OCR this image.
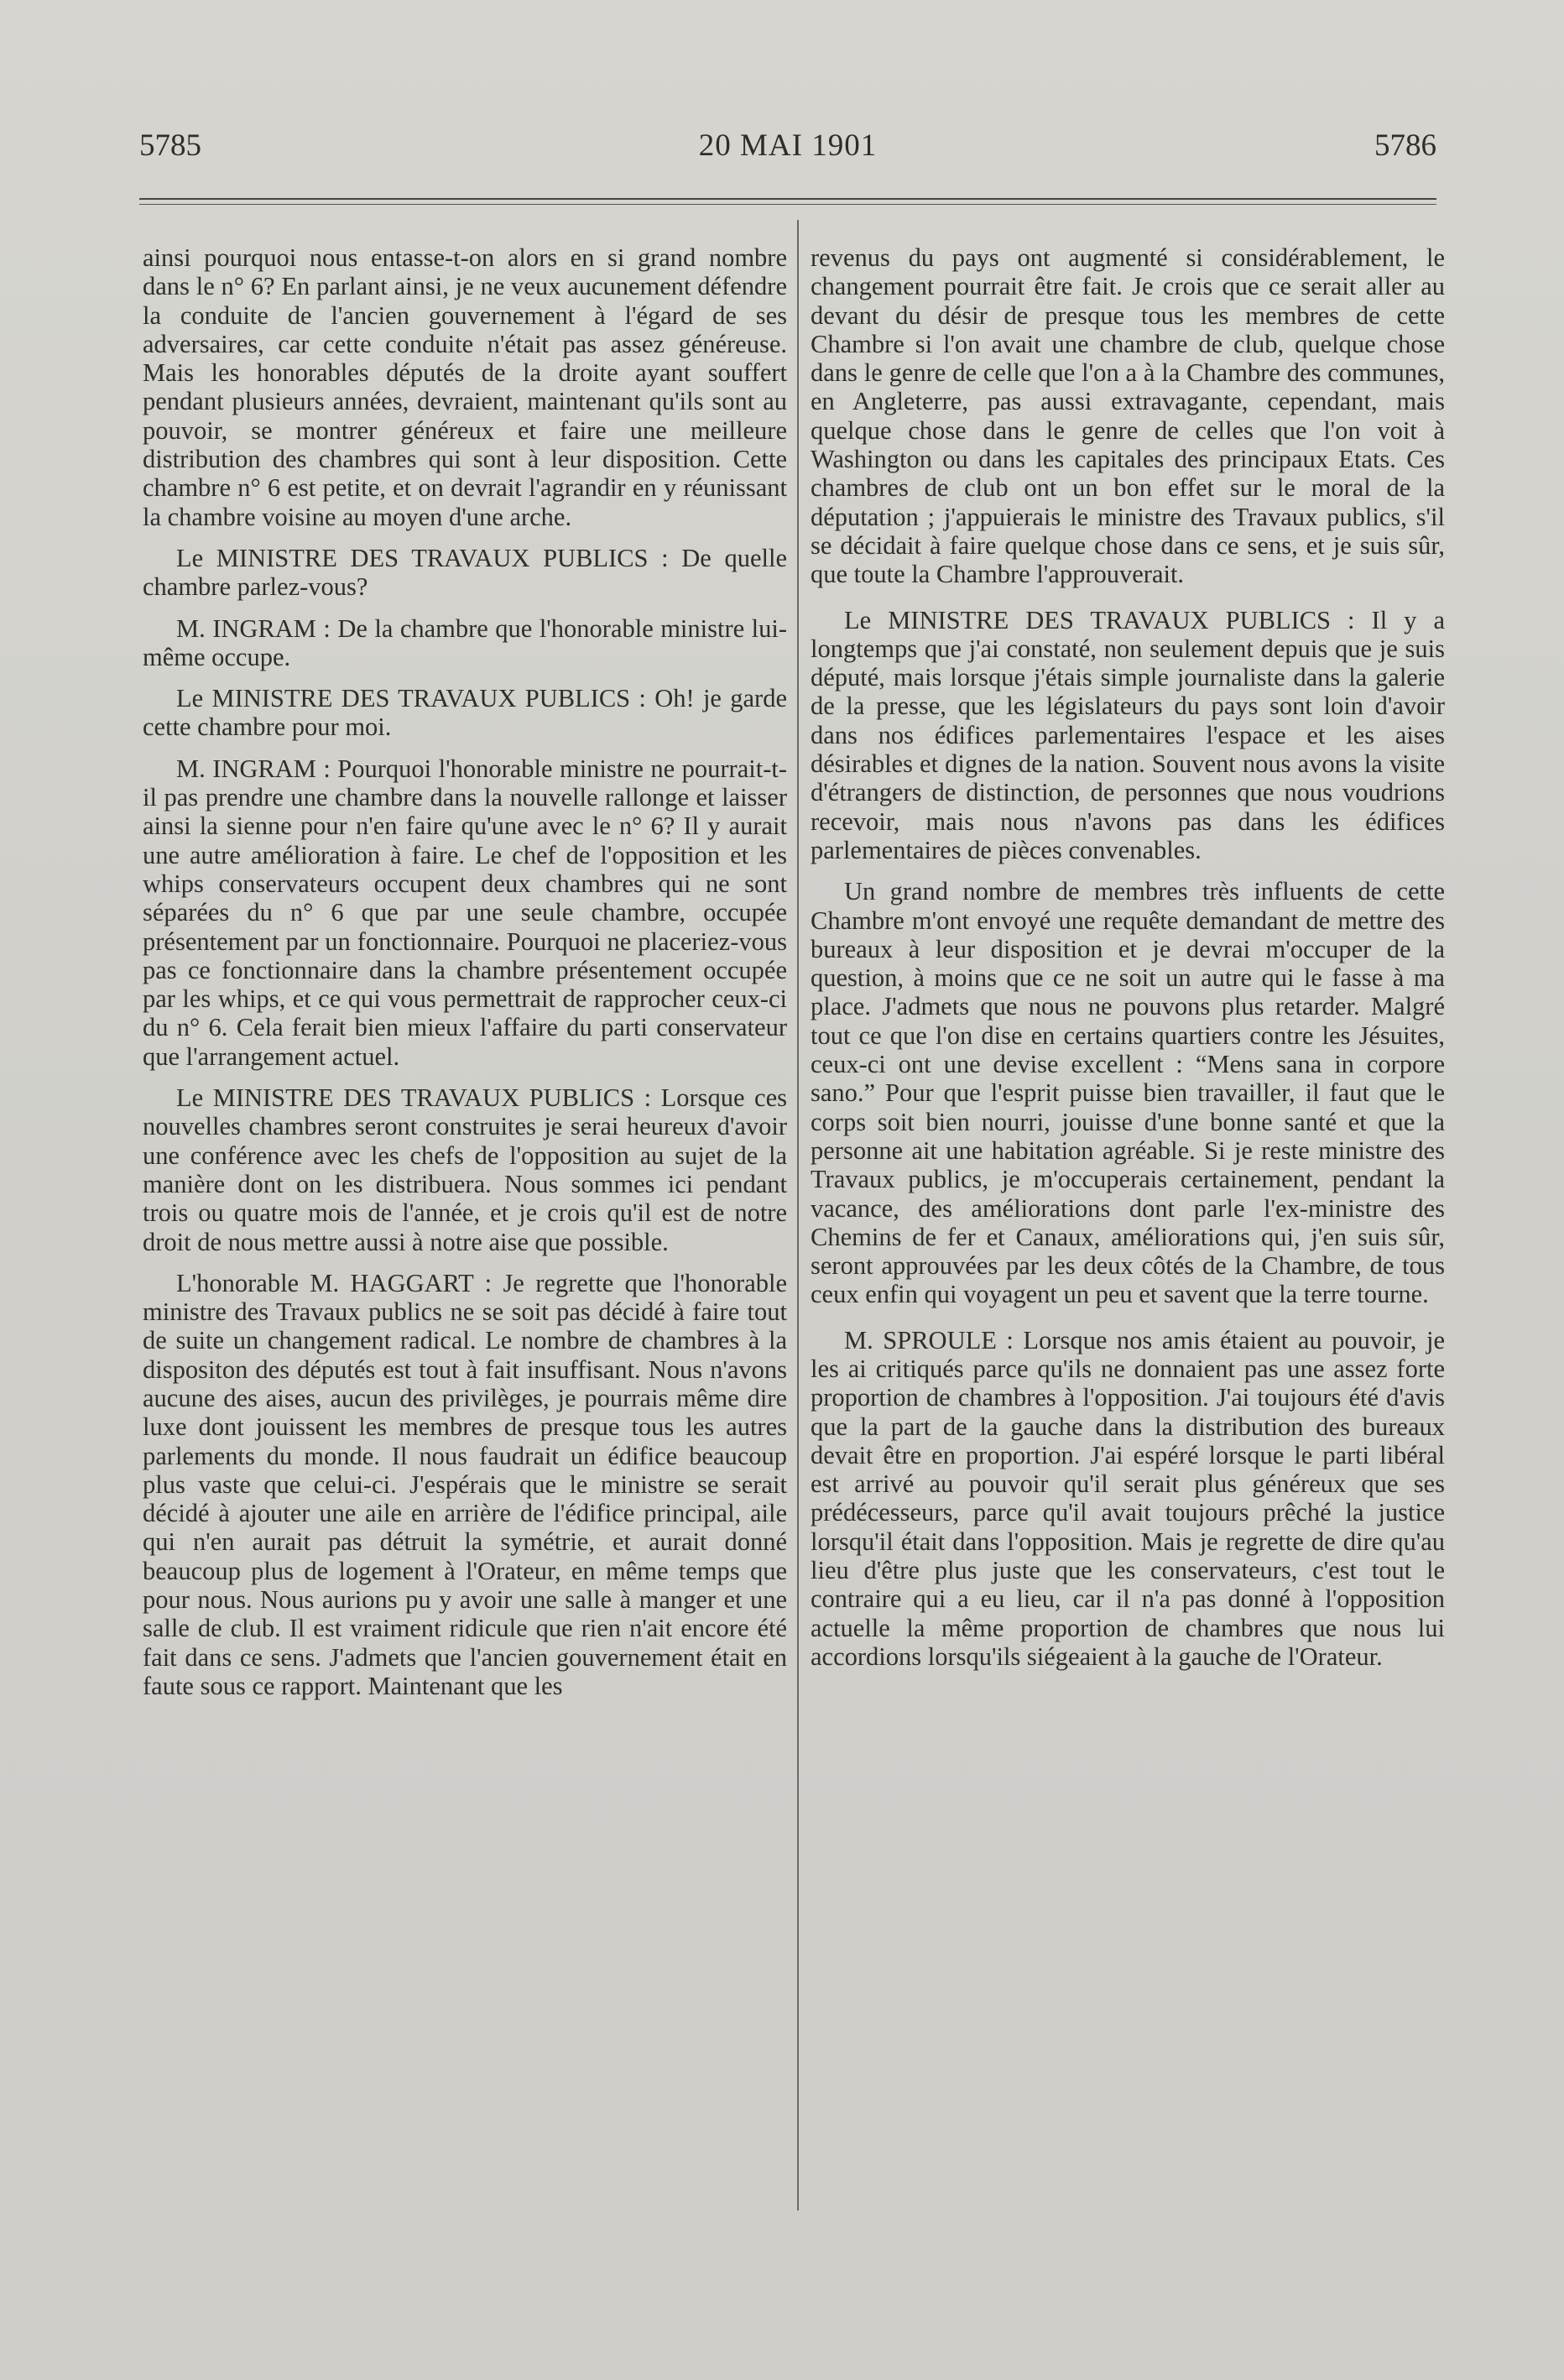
5785	20 MAI 1901	5786

ainsi pourquoi nous entasse-t-on alors en si grand nombre dans le n° 6? En parlant ainsi, je ne veux aucunement défendre la conduite de l'ancien gouvernement à l'égard de ses adversaires, car cette conduite n'était pas assez généreuse. Mais les honorables députés de la droite ayant souffert pendant plusieurs années, devraient, maintenant qu'ils sont au pouvoir, se montrer généreux et faire une meilleure distribution des chambres qui sont à leur disposition. Cette chambre n° 6 est petite, et on devrait l'agrandir en y réunissant la chambre voisine au moyen d'une arche.

Le MINISTRE DES TRAVAUX PUBLICS : De quelle chambre parlez-vous?

M. INGRAM : De la chambre que l'honorable ministre lui-même occupe.

Le MINISTRE DES TRAVAUX PUBLICS : Oh! je garde cette chambre pour moi.

M. INGRAM : Pourquoi l'honorable ministre ne pourrait-t-il pas prendre une chambre dans la nouvelle rallonge et laisser ainsi la sienne pour n'en faire qu'une avec le n° 6? Il y aurait une autre amélioration à faire. Le chef de l'opposition et les whips conservateurs occupent deux chambres qui ne sont séparées du n° 6 que par une seule chambre, occupée présentement par un fonctionnaire. Pourquoi ne placeriez-vous pas ce fonctionnaire dans la chambre présentement occupée par les whips, et ce qui vous permettrait de rapprocher ceux-ci du n° 6. Cela ferait bien mieux l'affaire du parti conservateur que l'arrangement actuel.

Le MINISTRE DES TRAVAUX PUBLICS : Lorsque ces nouvelles chambres seront construites je serai heureux d'avoir une conférence avec les chefs de l'opposition au sujet de la manière dont on les distribuera. Nous sommes ici pendant trois ou quatre mois de l'année, et je crois qu'il est de notre droit de nous mettre aussi à notre aise que possible.

L'honorable M. HAGGART : Je regrette que l'honorable ministre des Travaux publics ne se soit pas décidé à faire tout de suite un changement radical. Le nombre de chambres à la dispositon des députés est tout à fait insuffisant. Nous n'avons aucune des aises, aucun des privilèges, je pourrais même dire luxe dont jouissent les membres de presque tous les autres parlements du monde. Il nous faudrait un édifice beaucoup plus vaste que celui-ci. J'espérais que le ministre se serait décidé à ajouter une aile en arrière de l'édifice principal, aile qui n'en aurait pas détruit la symétrie, et aurait donné beaucoup plus de logement à l'Orateur, en même temps que pour nous. Nous aurions pu y avoir une salle à manger et une salle de club. Il est vraiment ridicule que rien n'ait encore été fait dans ce sens. J'admets que l'ancien gouvernement était en faute sous ce rapport. Maintenant que les

revenus du pays ont augmenté si considérablement, le changement pourrait être fait. Je crois que ce serait aller au devant du désir de presque tous les membres de cette Chambre si l'on avait une chambre de club, quelque chose dans le genre de celle que l'on a à la Chambre des communes, en Angleterre, pas aussi extravagante, cependant, mais quelque chose dans le genre de celles que l'on voit à Washington ou dans les capitales des principaux Etats. Ces chambres de club ont un bon effet sur le moral de la députation ; j'appuierais le ministre des Travaux publics, s'il se décidait à faire quelque chose dans ce sens, et je suis sûr, que toute la Chambre l'approuverait.

Le MINISTRE DES TRAVAUX PUBLICS : Il y a longtemps que j'ai constaté, non seulement depuis que je suis député, mais lorsque j'étais simple journaliste dans la galerie de la presse, que les législateurs du pays sont loin d'avoir dans nos édifices parlementaires l'espace et les aises désirables et dignes de la nation. Souvent nous avons la visite d'étrangers de distinction, de personnes que nous voudrions recevoir, mais nous n'avons pas dans les édifices parlementaires de pièces convenables.

Un grand nombre de membres très influents de cette Chambre m'ont envoyé une requête demandant de mettre des bureaux à leur disposition et je devrai m'occuper de la question, à moins que ce ne soit un autre qui le fasse à ma place. J'admets que nous ne pouvons plus retarder. Malgré tout ce que l'on dise en certains quartiers contre les Jésuites, ceux-ci ont une devise excellent : “Mens sana in corpore sano.” Pour que l'esprit puisse bien travailler, il faut que le corps soit bien nourri, jouisse d'une bonne santé et que la personne ait une habitation agréable. Si je reste ministre des Travaux publics, je m'occuperais certainement, pendant la vacance, des améliorations dont parle l'ex-ministre des Chemins de fer et Canaux, améliorations qui, j'en suis sûr, seront approuvées par les deux côtés de la Chambre, de tous ceux enfin qui voyagent un peu et savent que la terre tourne.

M. SPROULE : Lorsque nos amis étaient au pouvoir, je les ai critiqués parce qu'ils ne donnaient pas une assez forte proportion de chambres à l'opposition. J'ai toujours été d'avis que la part de la gauche dans la distribution des bureaux devait être en proportion. J'ai espéré lorsque le parti libéral est arrivé au pouvoir qu'il serait plus généreux que ses prédécesseurs, parce qu'il avait toujours prêché la justice lorsqu'il était dans l'opposition. Mais je regrette de dire qu'au lieu d'être plus juste que les conservateurs, c'est tout le contraire qui a eu lieu, car il n'a pas donné à l'opposition actuelle la même proportion de chambres que nous lui accordions lorsqu'ils siégeaient à la gauche de l'Orateur.
